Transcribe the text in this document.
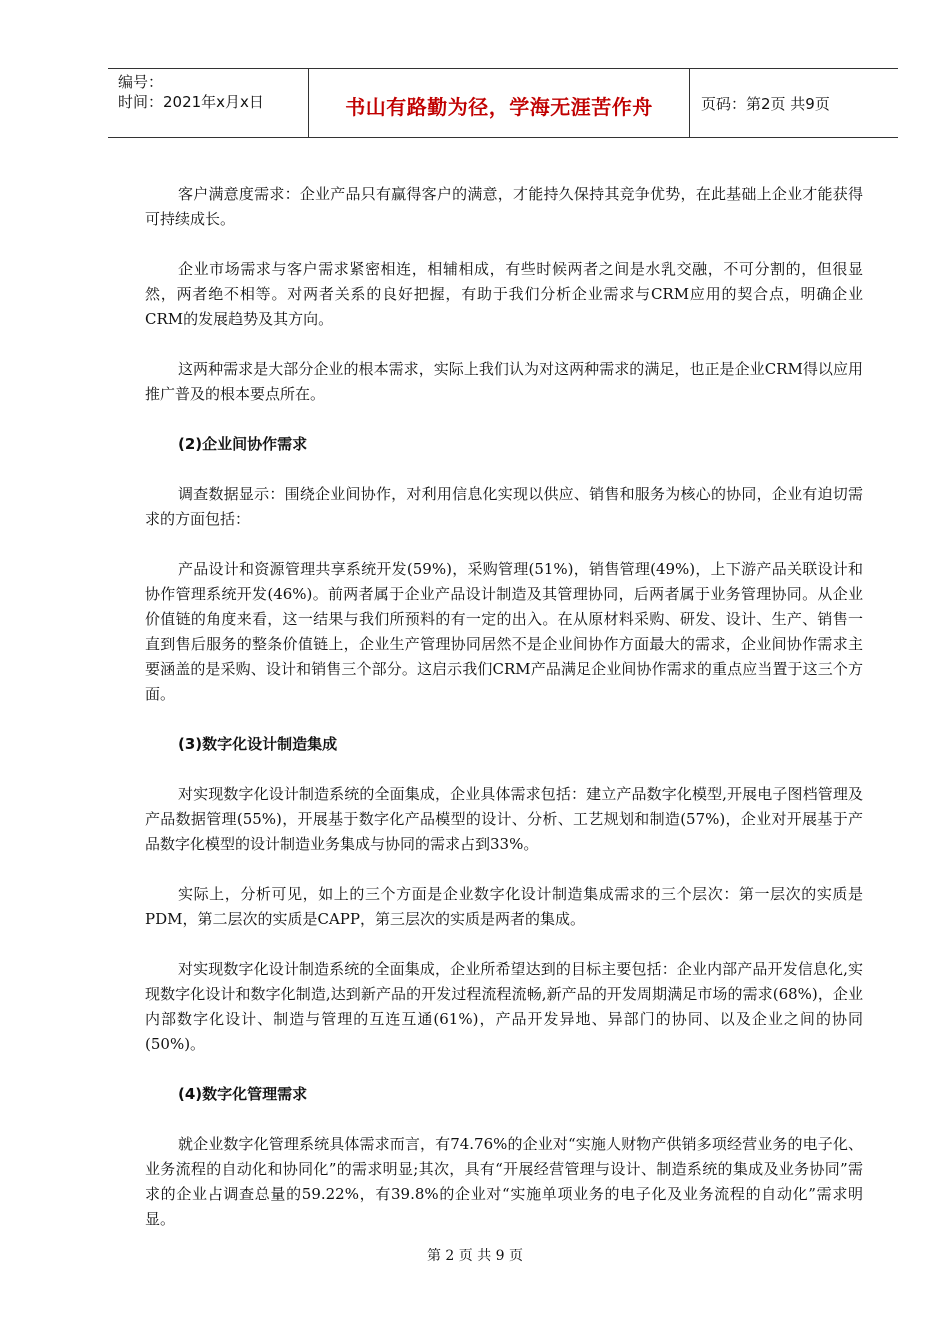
编号：
时间：2021年x月x日	书山有路勤为径，学海无涯苦作舟	页码：第2页 共9页

客户满意度需求：企业产品只有赢得客户的满意，才能持久保持其竞争优势，在此基础上企业才能获得可持续成长。

企业市场需求与客户需求紧密相连，相辅相成，有些时候两者之间是水乳交融，不可分割的，但很显然，两者绝不相等。对两者关系的良好把握，有助于我们分析企业需求与CRM应用的契合点，明确企业CRM的发展趋势及其方向。

这两种需求是大部分企业的根本需求，实际上我们认为对这两种需求的满足，也正是企业CRM得以应用推广普及的根本要点所在。

(2)企业间协作需求

调查数据显示：围绕企业间协作，对利用信息化实现以供应、销售和服务为核心的协同，企业有迫切需求的方面包括：

产品设计和资源管理共享系统开发(59%)，采购管理(51%)，销售管理(49%)，上下游产品关联设计和协作管理系统开发(46%)。前两者属于企业产品设计制造及其管理协同，后两者属于业务管理协同。从企业价值链的角度来看，这一结果与我们所预料的有一定的出入。在从原材料采购、研发、设计、生产、销售一直到售后服务的整条价值链上，企业生产管理协同居然不是企业间协作方面最大的需求，企业间协作需求主要涵盖的是采购、设计和销售三个部分。这启示我们CRM产品满足企业间协作需求的重点应当置于这三个方面。

(3)数字化设计制造集成

对实现数字化设计制造系统的全面集成，企业具体需求包括：建立产品数字化模型,开展电子图档管理及产品数据管理(55%)，开展基于数字化产品模型的设计、分析、工艺规划和制造(57%)，企业对开展基于产品数字化模型的设计制造业务集成与协同的需求占到33%。

实际上，分析可见，如上的三个方面是企业数字化设计制造集成需求的三个层次：第一层次的实质是PDM，第二层次的实质是CAPP，第三层次的实质是两者的集成。

对实现数字化设计制造系统的全面集成，企业所希望达到的目标主要包括：企业内部产品开发信息化,实现数字化设计和数字化制造,达到新产品的开发过程流程流畅,新产品的开发周期满足市场的需求(68%)，企业内部数字化设计、制造与管理的互连互通(61%)，产品开发异地、异部门的协同、以及企业之间的协同(50%)。

(4)数字化管理需求

就企业数字化管理系统具体需求而言，有74.76%的企业对“实施人财物产供销多项经营业务的电子化、业务流程的自动化和协同化”的需求明显;其次，具有“开展经营管理与设计、制造系统的集成及业务协同”需求的企业占调查总量的59.22%，有39.8%的企业对“实施单项业务的电子化及业务流程的自动化”需求明显。

第 2 页 共 9 页
